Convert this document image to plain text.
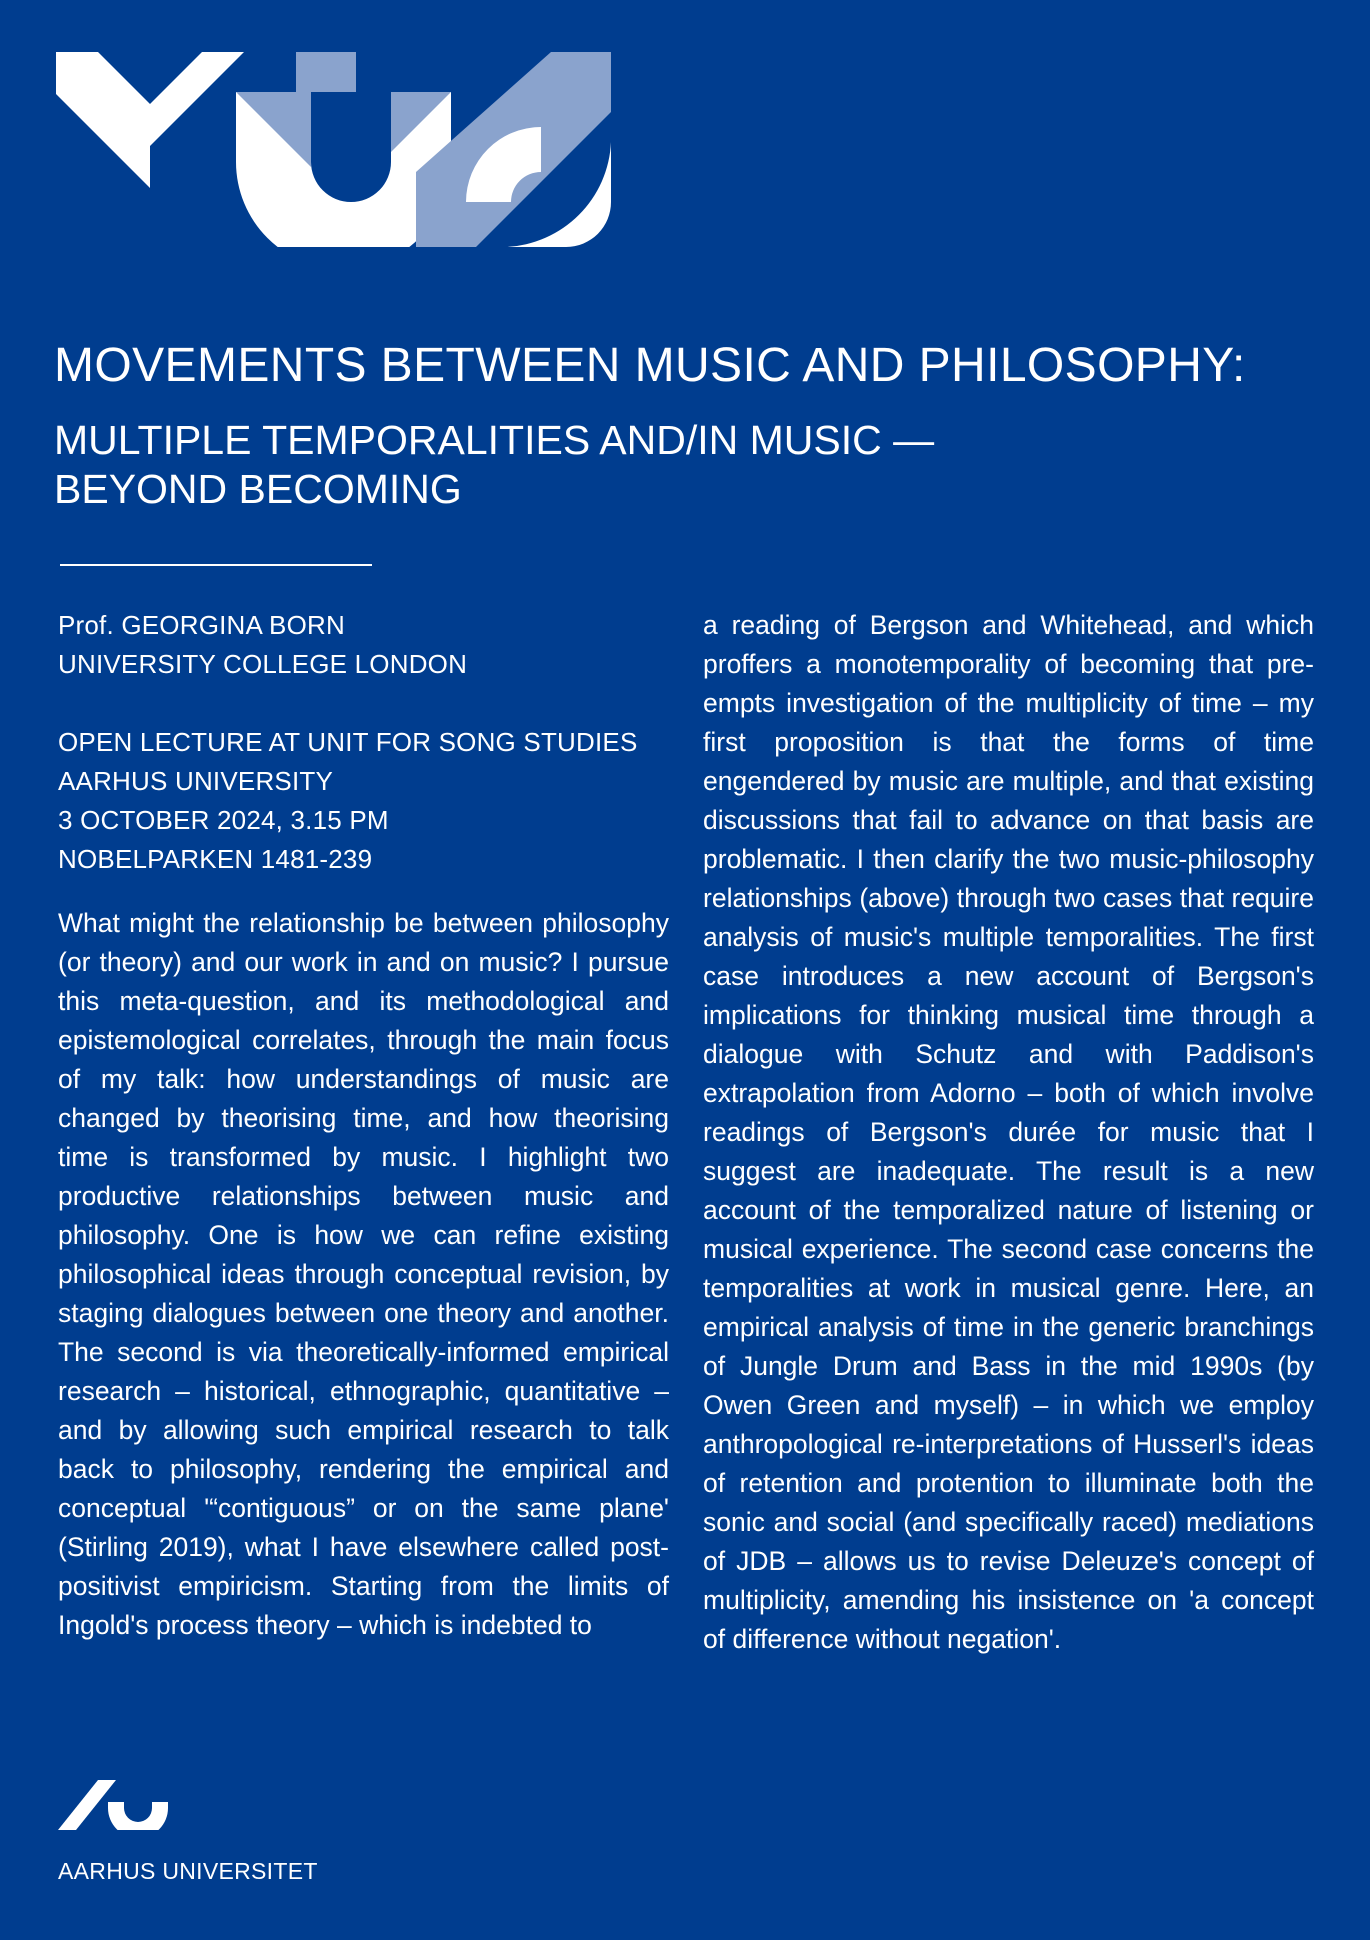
MOVEMENTS BETWEEN MUSIC AND PHILOSOPHY:
MULTIPLE TEMPORALITIES AND/IN MUSIC —
BEYOND BECOMING
Prof. GEORGINA BORN
UNIVERSITY COLLEGE LONDON
OPEN LECTURE AT UNIT FOR SONG STUDIES
AARHUS UNIVERSITY
3 OCTOBER 2024, 3.15 PM
NOBELPARKEN 1481-239
What might the relationship be between philosophy (or theory) and our work in and on music? I pursue this meta-question, and its methodological and epistemological correlates, through the main focus of my talk: how understandings of music are changed by theorising time, and how theorising time is transformed by music. I highlight two productive relationships between music and philosophy. One is how we can refine existing philosophical ideas through conceptual revision, by staging dialogues between one theory and another. The second is via theoretically-informed empirical research – historical, ethnographic, quantitative – and by allowing such empirical research to talk back to philosophy, rendering the empirical and conceptual '“contiguous” or on the same plane' (Stirling 2019), what I have elsewhere called post-positivist empiricism. Starting from the limits of Ingold's process theory – which is indebted to
a reading of Bergson and Whitehead, and which proffers a monotemporality of becoming that pre-empts investigation of the multiplicity of time – my first proposition is that the forms of time engendered by music are multiple, and that existing discussions that fail to advance on that basis are problematic. I then clarify the two music-philosophy relationships (above) through two cases that require analysis of music's multiple temporalities. The first case introduces a new account of Bergson's implications for thinking musical time through a dialogue with Schutz and with Paddison's extrapolation from Adorno – both of which involve readings of Bergson's durée for music that I suggest are inadequate. The result is a new account of the temporalized nature of listening or musical experience. The second case concerns the temporalities at work in musical genre. Here, an empirical analysis of time in the generic branchings of Jungle Drum and Bass in the mid 1990s (by Owen Green and myself) – in which we employ anthropological re-interpretations of Husserl's ideas of retention and protention to illuminate both the sonic and social (and specifically raced) mediations of JDB – allows us to revise Deleuze's concept of multiplicity, amending his insistence on 'a concept of difference without negation'.
AARHUS UNIVERSITET
